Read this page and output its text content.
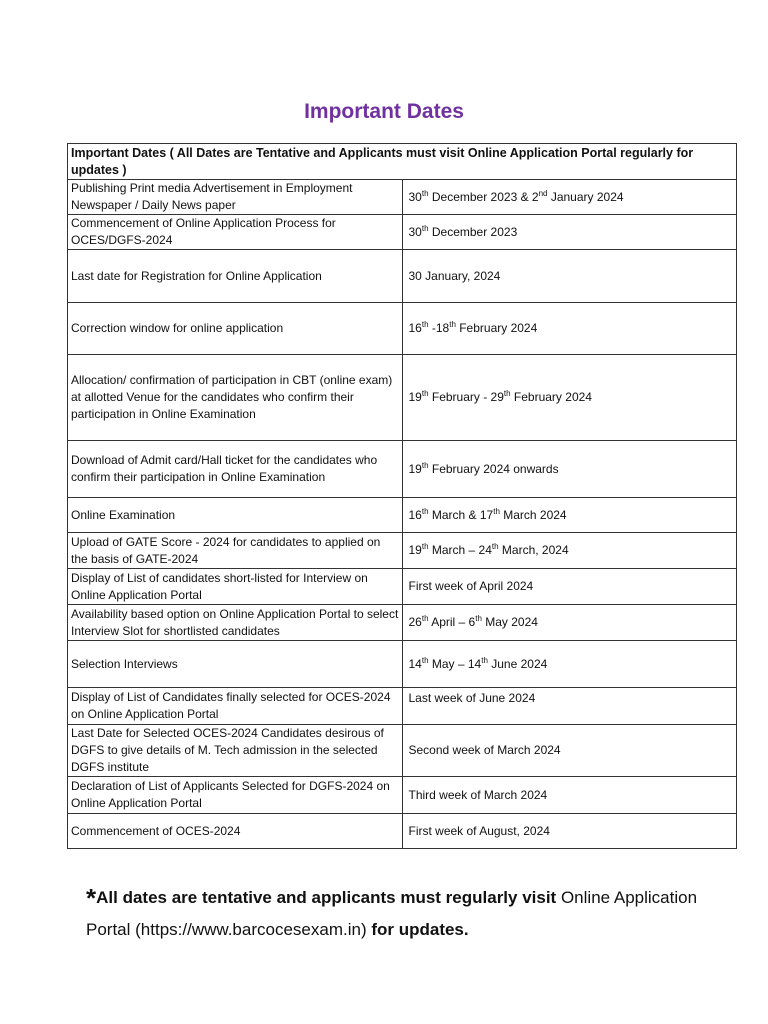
Important Dates
Important Dates ( All Dates are Tentative and Applicants must visit Online Application Portal regularly for updates )	
Publishing Print media Advertisement in Employment Newspaper / Daily News paper	30th December 2023 & 2nd January 2024
Commencement of Online Application Process for OCES/DGFS-2024	30th December 2023
Last date for Registration for Online Application	30 January, 2024
Correction window for online application	16th -18th February 2024
Allocation/ confirmation of participation in CBT (online exam) at allotted Venue for the candidates who confirm their participation in Online Examination	19th February - 29th February 2024
Download of Admit card/Hall ticket for the candidates who confirm their participation in Online Examination	19th February 2024 onwards
Online Examination	16th March & 17th March 2024
Upload of GATE Score - 2024 for candidates to applied on the basis of GATE-2024	19th March – 24th March, 2024
Display of List of candidates short-listed for Interview on Online Application Portal	First week of April 2024
Availability based option on Online Application Portal to select Interview Slot for shortlisted candidates	26th April – 6th May 2024
Selection Interviews	14th May – 14th June 2024
Display of List of Candidates finally selected for OCES-2024 on Online Application Portal	Last week of June 2024
Last Date for Selected OCES-2024 Candidates desirous of DGFS to give details of M. Tech admission in the selected DGFS institute	Second week of March 2024
Declaration of List of Applicants Selected for DGFS-2024 on Online Application Portal	Third week of March 2024
Commencement of OCES-2024	First week of August, 2024
*All dates are tentative and applicants must regularly visit Online Application Portal (https://www.barcocesexam.in) for updates.
